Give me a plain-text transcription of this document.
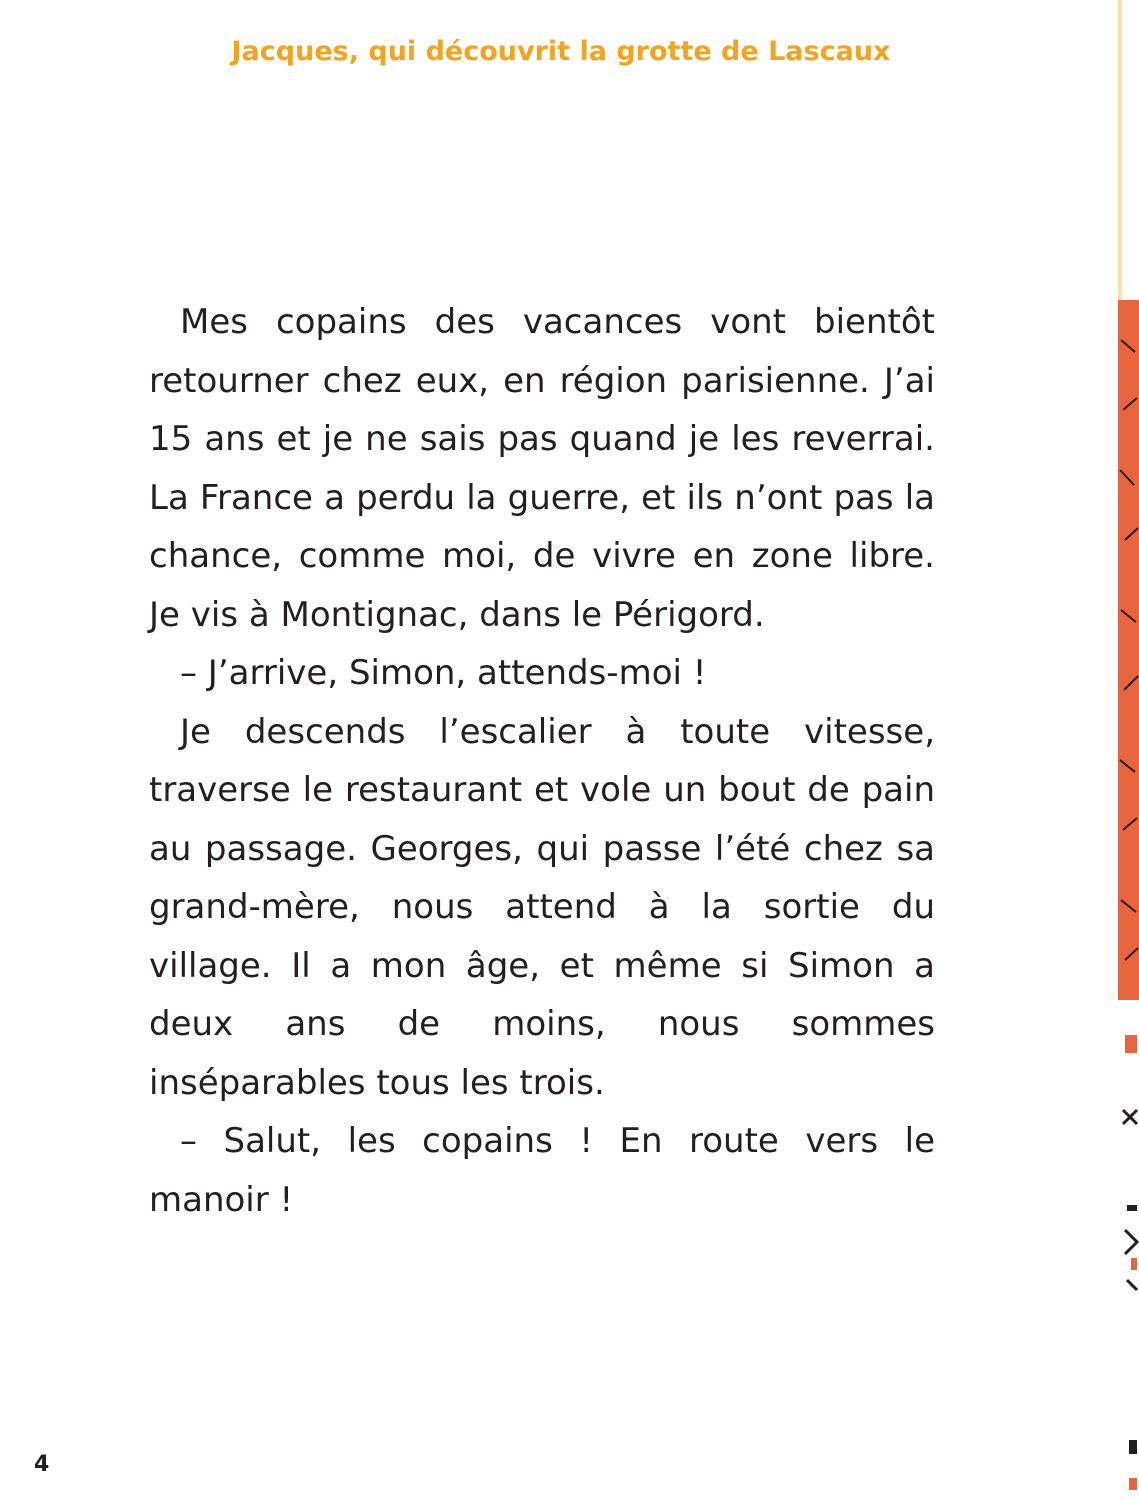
Jacques, qui découvrit la grotte de Lascaux

Mes copains des vacances vont bientôt retourner chez eux, en région parisienne. J’ai 15 ans et je ne sais pas quand je les reverrai. La France a perdu la guerre, et ils n’ont pas la chance, comme moi, de vivre en zone libre. Je vis à Montignac, dans le Périgord.

– J’arrive, Simon, attends-moi !

Je descends l’escalier à toute vitesse, traverse le restaurant et vole un bout de pain au passage. Georges, qui passe l’été chez sa grand-mère, nous attend à la sortie du village. Il a mon âge, et même si Simon a deux ans de moins, nous sommes inséparables tous les trois.

– Salut, les copains ! En route vers le manoir !

4
